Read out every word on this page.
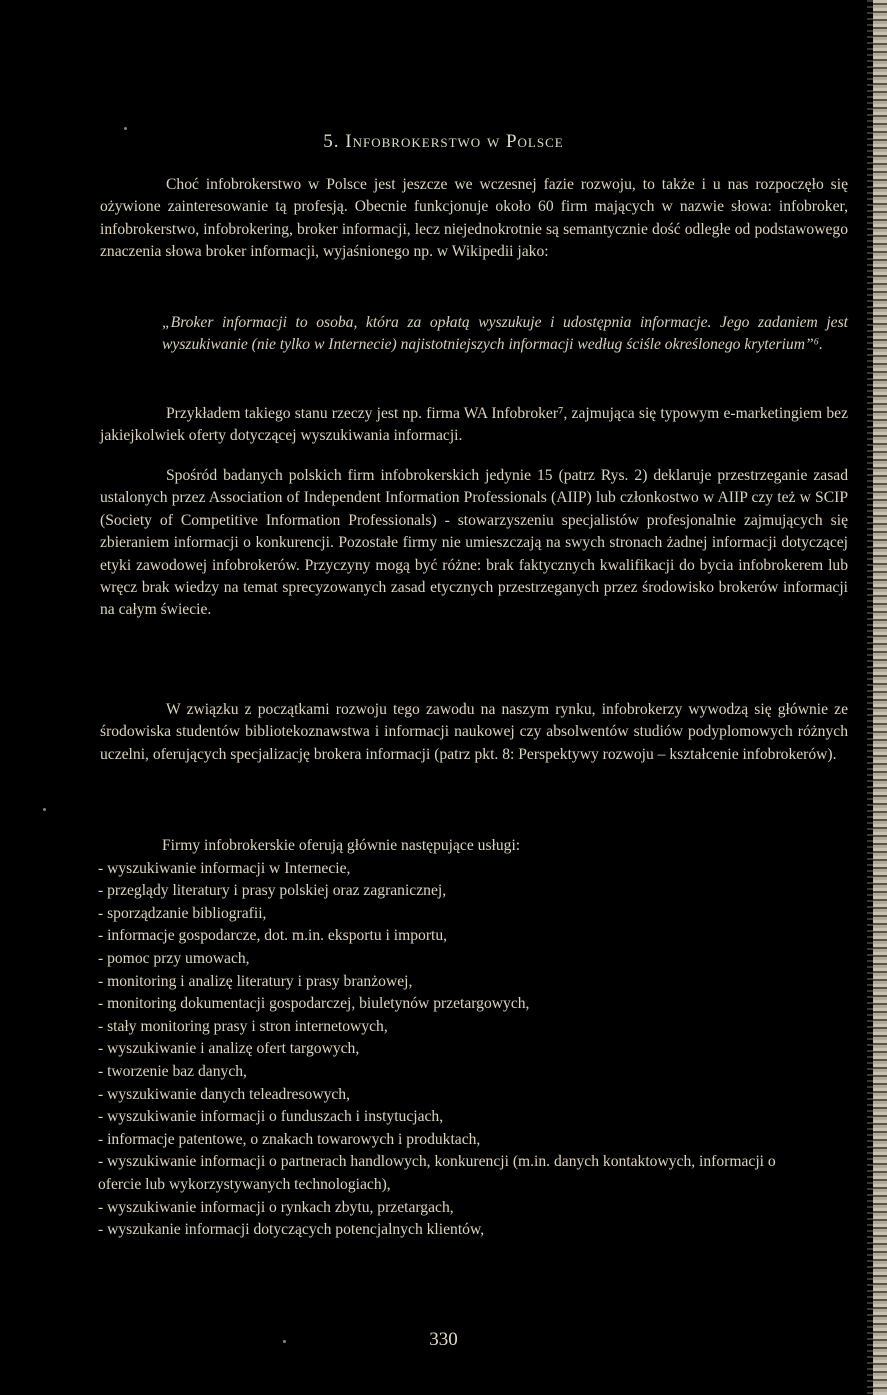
5. Infobrokerstwo w Polsce
Choć infobrokerstwo w Polsce jest jeszcze we wczesnej fazie rozwoju, to także i u nas rozpoczęło się ożywione zainteresowanie tą profesją. Obecnie funkcjonuje około 60 firm mających w nazwie słowa: infobroker, infobrokerstwo, infobrokering, broker informacji, lecz niejednokrotnie są semantycznie dość odległe od podstawowego znaczenia słowa broker informacji, wyjaśnionego np. w Wikipedii jako:
„Broker informacji to osoba, która za opłatą wyszukuje i udostępnia informacje. Jego zadaniem jest wyszukiwanie (nie tylko w Internecie) najistotniejszych informacji według ściśle określonego kryterium”⁶.
Przykładem takiego stanu rzeczy jest np. firma WA Infobroker⁷, zajmująca się typowym e-marketingiem bez jakiejkolwiek oferty dotyczącej wyszukiwania informacji.
Spośród badanych polskich firm infobrokerskich jedynie 15 (patrz Rys. 2) deklaruje przestrzeganie zasad ustalonych przez Association of Independent Information Professionals (AIIP) lub członkostwo w AIIP czy też w SCIP (Society of Competitive Information Professionals) - stowarzyszeniu specjalistów profesjonalnie zajmujących się zbieraniem informacji o konkurencji. Pozostałe firmy nie umieszczają na swych stronach żadnej informacji dotyczącej etyki zawodowej infobrokerów. Przyczyny mogą być różne: brak faktycznych kwalifikacji do bycia infobrokerem lub wręcz brak wiedzy na temat sprecyzowanych zasad etycznych przestrzeganych przez środowisko brokerów informacji na całym świecie.
W związku z początkami rozwoju tego zawodu na naszym rynku, infobrokerzy wywodzą się głównie ze środowiska studentów bibliotekoznawstwa i informacji naukowej czy absolwentów studiów podyplomowych różnych uczelni, oferujących specjalizację brokera informacji (patrz pkt. 8: Perspektywy rozwoju – kształcenie infobrokerów).
Firmy infobrokerskie oferują głównie następujące usługi:
- wyszukiwanie informacji w Internecie,
- przeglądy literatury i prasy polskiej oraz zagranicznej,
- sporządzanie bibliografii,
- informacje gospodarcze, dot. m.in. eksportu i importu,
- pomoc przy umowach,
- monitoring i analizę literatury i prasy branżowej,
- monitoring dokumentacji gospodarczej, biuletynów przetargowych,
- stały monitoring prasy i stron internetowych,
- wyszukiwanie i analizę ofert targowych,
- tworzenie baz danych,
- wyszukiwanie danych teleadresowych,
- wyszukiwanie informacji o funduszach i instytucjach,
- informacje patentowe, o znakach towarowych i produktach,
- wyszukiwanie informacji o partnerach handlowych, konkurencji (m.in. danych kontaktowych, informacji o ofercie lub wykorzystywanych technologiach),
- wyszukiwanie informacji o rynkach zbytu, przetargach,
- wyszukanie informacji dotyczących potencjalnych klientów,
330
